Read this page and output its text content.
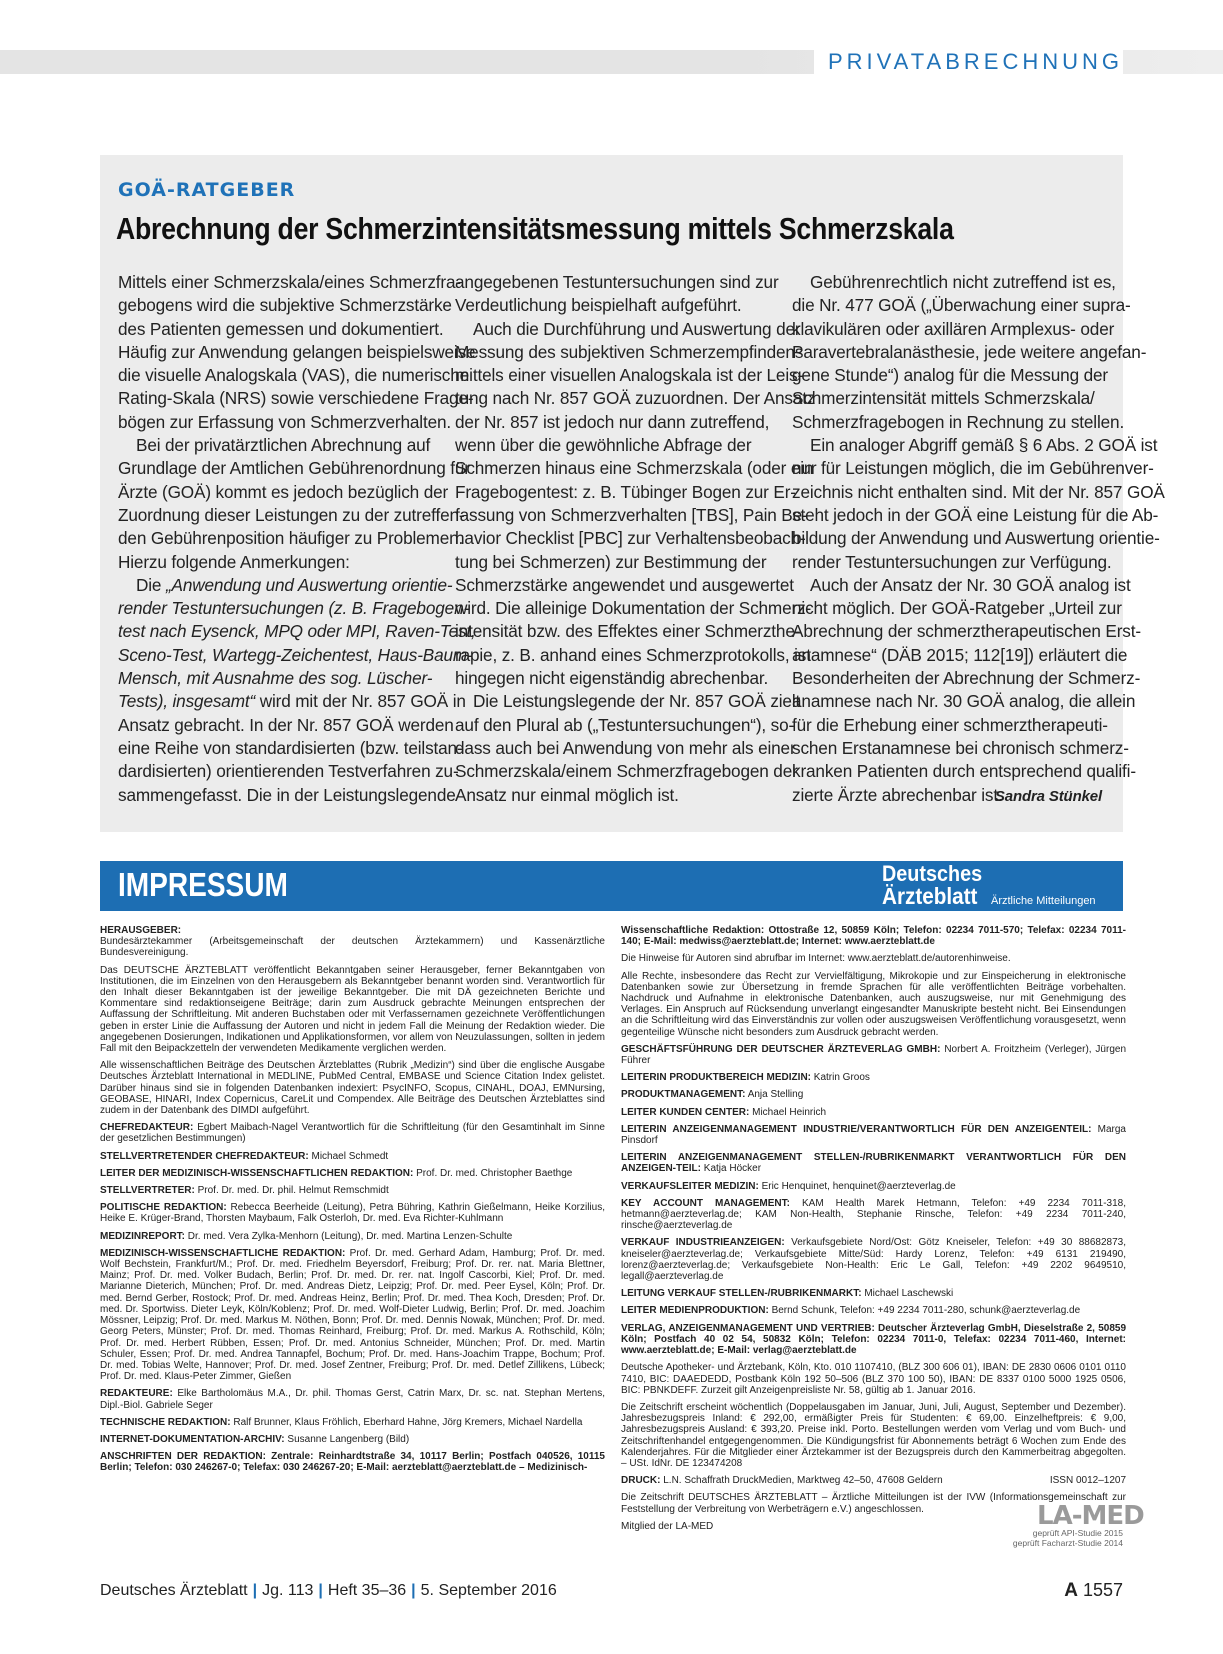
PRIVATABRECHNUNG
GOÄ-RATGEBER
Abrechnung der Schmerzintensitätsmessung mittels Schmerzskala
Mittels einer Schmerzskala/eines Schmerzfra-
gebogens wird die subjektive Schmerzstärke
des Patienten gemessen und dokumentiert.
Häufig zur Anwendung gelangen beispielsweise
die visuelle Analogskala (VAS), die numerische
Rating-Skala (NRS) sowie verschiedene Frage-
bögen zur Erfassung von Schmerzverhalten.
Bei der privatärztlichen Abrechnung auf
Grundlage der Amtlichen Gebührenordnung für
Ärzte (GOÄ) kommt es jedoch bezüglich der
Zuordnung dieser Leistungen zu der zutreffen-
den Gebührenposition häufiger zu Problemen.
Hierzu folgende Anmerkungen:
Die „Anwendung und Auswertung orientie-
render Testuntersuchungen (z. B. Fragebogen-
test nach Eysenck, MPQ oder MPI, Raven-Test,
Sceno-Test, Wartegg-Zeichentest, Haus-Baum-
Mensch, mit Ausnahme des sog. Lüscher-
Tests), insgesamt“ wird mit der Nr. 857 GOÄ in
Ansatz gebracht. In der Nr. 857 GOÄ werden
eine Reihe von standardisierten (bzw. teilstan-
dardisierten) orientierenden Testverfahren zu-
sammengefasst. Die in der Leistungslegende
angegebenen Testuntersuchungen sind zur
Verdeutlichung beispielhaft aufgeführt.
Auch die Durchführung und Auswertung der
Messung des subjektiven Schmerzempfindens
mittels einer visuellen Analogskala ist der Leis-
tung nach Nr. 857 GOÄ zuzuordnen. Der Ansatz
der Nr. 857 ist jedoch nur dann zutreffend,
wenn über die gewöhnliche Abfrage der
Schmerzen hinaus eine Schmerzskala (oder ein
Fragebogentest: z. B. Tübinger Bogen zur Er-
fassung von Schmerzverhalten [TBS], Pain Be-
havior Checklist [PBC] zur Verhaltensbeobach-
tung bei Schmerzen) zur Bestimmung der
Schmerzstärke angewendet und ausgewertet
wird. Die alleinige Dokumentation der Schmerz-
intensität bzw. des Effektes einer Schmerzthe-
rapie, z. B. anhand eines Schmerzprotokolls, ist
hingegen nicht eigenständig abrechenbar.
Die Leistungslegende der Nr. 857 GOÄ zielt
auf den Plural ab („Testuntersuchungen“), so-
dass auch bei Anwendung von mehr als einer
Schmerzskala/einem Schmerzfragebogen der
Ansatz nur einmal möglich ist.
Gebührenrechtlich nicht zutreffend ist es,
die Nr. 477 GOÄ („Überwachung einer supra-
klavikulären oder axillären Armplexus- oder
Paravertebralanästhesie, jede weitere angefan-
gene Stunde“) analog für die Messung der
Schmerzintensität mittels Schmerzskala/
Schmerzfragebogen in Rechnung zu stellen.
Ein analoger Abgriff gemäß § 6 Abs. 2 GOÄ ist
nur für Leistungen möglich, die im Gebührenver-
zeichnis nicht enthalten sind. Mit der Nr. 857 GOÄ
steht jedoch in der GOÄ eine Leistung für die Ab-
bildung der Anwendung und Auswertung orientie-
render Testuntersuchungen zur Verfügung.
Auch der Ansatz der Nr. 30 GOÄ analog ist
nicht möglich. Der GOÄ-Ratgeber „Urteil zur
Abrechnung der schmerztherapeutischen Erst-
anamnese“ (DÄB 2015; 112[19]) erläutert die
Besonderheiten der Abrechnung der Schmerz-
anamnese nach Nr. 30 GOÄ analog, die allein
für die Erhebung einer schmerztherapeuti-
schen Erstanamnese bei chronisch schmerz-
kranken Patienten durch entsprechend qualifi-
zierte Ärzte abrechenbar ist.
Sandra Stünkel
IMPRESSUM	Deutsches
Ärzteblatt Ärztliche Mitteilungen

HERAUSGEBER:
Bundesärztekammer (Arbeitsgemeinschaft der deutschen Ärztekammern) und Kassenärztliche Bundesvereinigung.

Das DEUTSCHE ÄRZTEBLATT veröffentlicht Bekanntgaben seiner Herausgeber, ferner Bekanntgaben von Institutionen, die im Einzelnen von den Herausgebern als Bekanntgeber benannt worden sind. Verantwortlich für den Inhalt dieser Bekanntgaben ist der jeweilige Bekanntgeber. Die mit DÄ gezeichneten Berichte und Kommentare sind redaktionseigene Beiträge; darin zum Ausdruck gebrachte Meinungen entsprechen der Auffassung der Schriftleitung. Mit anderen Buchstaben oder mit Verfassernamen gezeichnete Veröffentlichungen geben in erster Linie die Auffassung der Autoren und nicht in jedem Fall die Meinung der Redaktion wieder. Die angegebenen Dosierungen, Indikationen und Applikationsformen, vor allem von Neuzulassungen, sollten in jedem Fall mit den Beipackzetteln der verwendeten Medikamente verglichen werden.

Alle wissenschaftlichen Beiträge des Deutschen Ärzteblattes (Rubrik „Medizin“) sind über die englische Ausgabe Deutsches Ärzteblatt International in MEDLINE, PubMed Central, EMBASE und Science Citation Index gelistet. Darüber hinaus sind sie in folgenden Datenbanken indexiert: PsycINFO, Scopus, CINAHL, DOAJ, EMNursing, GEOBASE, HINARI, Index Copernicus, CareLit und Compendex. Alle Beiträge des Deutschen Ärzteblattes sind zudem in der Datenbank des DIMDI aufgeführt.

CHEFREDAKTEUR: Egbert Maibach-Nagel Verantwortlich für die Schriftleitung (für den Gesamtinhalt im Sinne der gesetzlichen Bestimmungen)

STELLVERTRETENDER CHEFREDAKTEUR: Michael Schmedt

LEITER DER MEDIZINISCH-WISSENSCHAFTLICHEN REDAKTION: Prof. Dr. med. Christopher Baethge

STELLVERTRETER: Prof. Dr. med. Dr. phil. Helmut Remschmidt

POLITISCHE REDAKTION: Rebecca Beerheide (Leitung), Petra Bühring, Kathrin Gießelmann, Heike Korzilius, Heike E. Krüger-Brand, Thorsten Maybaum, Falk Osterloh, Dr. med. Eva Richter-Kuhlmann

MEDIZINREPORT: Dr. med. Vera Zylka-Menhorn (Leitung), Dr. med. Martina Lenzen-Schulte

MEDIZINISCH-WISSENSCHAFTLICHE REDAKTION: Prof. Dr. med. Gerhard Adam, Hamburg; Prof. Dr. med. Wolf Bechstein, Frankfurt/M.; Prof. Dr. med. Friedhelm Beyersdorf, Freiburg; Prof. Dr. rer. nat. Maria Blettner, Mainz; Prof. Dr. med. Volker Budach, Berlin; Prof. Dr. med. Dr. rer. nat. Ingolf Cascorbi, Kiel; Prof. Dr. med. Marianne Dieterich, München; Prof. Dr. med. Andreas Dietz, Leipzig; Prof. Dr. med. Peer Eysel, Köln; Prof. Dr. med. Bernd Gerber, Rostock; Prof. Dr. med. Andreas Heinz, Berlin; Prof. Dr. med. Thea Koch, Dresden; Prof. Dr. med. Dr. Sportwiss. Dieter Leyk, Köln/Koblenz; Prof. Dr. med. Wolf-Dieter Ludwig, Berlin; Prof. Dr. med. Joachim Mössner, Leipzig; Prof. Dr. med. Markus M. Nöthen, Bonn; Prof. Dr. med. Dennis Nowak, München; Prof. Dr. med. Georg Peters, Münster; Prof. Dr. med. Thomas Reinhard, Freiburg; Prof. Dr. med. Markus A. Rothschild, Köln; Prof. Dr. med. Herbert Rübben, Essen; Prof. Dr. med. Antonius Schneider, München; Prof. Dr. med. Martin Schuler, Essen; Prof. Dr. med. Andrea Tannapfel, Bochum; Prof. Dr. med. Hans-Joachim Trappe, Bochum; Prof. Dr. med. Tobias Welte, Hannover; Prof. Dr. med. Josef Zentner, Freiburg; Prof. Dr. med. Detlef Zillikens, Lübeck; Prof. Dr. med. Klaus-Peter Zimmer, Gießen

REDAKTEURE: Elke Bartholomäus M.A., Dr. phil. Thomas Gerst, Catrin Marx, Dr. sc. nat. Stephan Mertens, Dipl.-Biol. Gabriele Seger

TECHNISCHE REDAKTION: Ralf Brunner, Klaus Fröhlich, Eberhard Hahne, Jörg Kremers, Michael Nardella

INTERNET-DOKUMENTATION-ARCHIV: Susanne Langenberg (Bild)

ANSCHRIFTEN DER REDAKTION: Zentrale: Reinhardtstraße 34, 10117 Berlin; Postfach 040526, 10115 Berlin; Telefon: 030 246267-0; Telefax: 030 246267-20; E-Mail: aerzteblatt@aerzteblatt.de – Medizinisch-

Wissenschaftliche Redaktion: Ottostraße 12, 50859 Köln; Telefon: 02234 7011-570; Telefax: 02234 7011-140; E-Mail: medwiss@aerzteblatt.de; Internet: www.aerzteblatt.de

Die Hinweise für Autoren sind abrufbar im Internet: www.aerzteblatt.de/autorenhinweise.

Alle Rechte, insbesondere das Recht zur Vervielfältigung, Mikrokopie und zur Einspeicherung in elektronische Datenbanken sowie zur Übersetzung in fremde Sprachen für alle veröffentlichten Beiträge vorbehalten. Nachdruck und Aufnahme in elektronische Datenbanken, auch auszugsweise, nur mit Genehmigung des Verlages. Ein Anspruch auf Rücksendung unverlangt eingesandter Manuskripte besteht nicht. Bei Einsendungen an die Schriftleitung wird das Einverständnis zur vollen oder auszugsweisen Veröffentlichung vorausgesetzt, wenn gegenteilige Wünsche nicht besonders zum Ausdruck gebracht werden.

GESCHÄFTSFÜHRUNG DER DEUTSCHER ÄRZTEVERLAG GMBH: Norbert A. Froitzheim (Verleger), Jürgen Führer

LEITERIN PRODUKTBEREICH MEDIZIN: Katrin Groos

PRODUKTMANAGEMENT: Anja Stelling

LEITER KUNDEN CENTER: Michael Heinrich

LEITERIN ANZEIGENMANAGEMENT INDUSTRIE/VERANTWORTLICH FÜR DEN ANZEIGENTEIL: Marga Pinsdorf

LEITERIN ANZEIGENMANAGEMENT STELLEN-/RUBRIKENMARKT VERANTWORTLICH FÜR DEN ANZEIGEN-TEIL: Katja Höcker

VERKAUFSLEITER MEDIZIN: Eric Henquinet, henquinet@aerzteverlag.de

KEY ACCOUNT MANAGEMENT: KAM Health Marek Hetmann, Telefon: +49 2234 7011-318, hetmann@aerzteverlag.de; KAM Non-Health, Stephanie Rinsche, Telefon: +49 2234 7011-240, rinsche@aerzteverlag.de

VERKAUF INDUSTRIEANZEIGEN: Verkaufsgebiete Nord/Ost: Götz Kneiseler, Telefon: +49 30 88682873, kneiseler@aerzteverlag.de; Verkaufsgebiete Mitte/Süd: Hardy Lorenz, Telefon: +49 6131 219490, lorenz@aerzteverlag.de; Verkaufsgebiete Non-Health: Eric Le Gall, Telefon: +49 2202 9649510, legall@aerzteverlag.de

LEITUNG VERKAUF STELLEN-/RUBRIKENMARKT: Michael Laschewski

LEITER MEDIENPRODUKTION: Bernd Schunk, Telefon: +49 2234 7011-280, schunk@aerzteverlag.de

VERLAG, ANZEIGENMANAGEMENT UND VERTRIEB: Deutscher Ärzteverlag GmbH, Dieselstraße 2, 50859 Köln; Postfach 40 02 54, 50832 Köln; Telefon: 02234 7011-0, Telefax: 02234 7011-460, Internet: www.aerzteblatt.de; E-Mail: verlag@aerzteblatt.de

Deutsche Apotheker- und Ärztebank, Köln, Kto. 010 1107410, (BLZ 300 606 01), IBAN: DE 2830 0606 0101 0110 7410, BIC: DAAEDEDD, Postbank Köln 192 50–506 (BLZ 370 100 50), IBAN: DE 8337 0100 5000 1925 0506, BIC: PBNKDEFF. Zurzeit gilt Anzeigenpreisliste Nr. 58, gültig ab 1. Januar 2016.

Die Zeitschrift erscheint wöchentlich (Doppelausgaben im Januar, Juni, Juli, August, September und Dezember). Jahresbezugspreis Inland: € 292,00, ermäßigter Preis für Studenten: € 69,00. Einzelheftpreis: € 9,00, Jahresbezugspreis Ausland: € 393,20. Preise inkl. Porto. Bestellungen werden vom Verlag und vom Buch- und Zeitschriftenhandel entgegengenommen. Die Kündigungsfrist für Abonnements beträgt 6 Wochen zum Ende des Kalenderjahres. Für die Mitglieder einer Ärztekammer ist der Bezugspreis durch den Kammerbeitrag abgegolten. – USt. IdNr. DE 123474208

DRUCK: L.N. Schaffrath DruckMedien, Marktweg 42–50, 47608 Geldern	ISSN 0012–1207

Die Zeitschrift DEUTSCHES ÄRZTEBLATT – Ärztliche Mitteilungen ist der IVW (Informationsgemeinschaft zur Feststellung der Verbreitung von Werbeträgern e.V.) angeschlossen.

Mitglied der LA-MED	LA-MED
geprüft API-Studie 2015
geprüft Facharzt-Studie 2014
Deutsches Ärzteblatt | Jg. 113 | Heft 35–36 | 5. September 2016	A 1557
